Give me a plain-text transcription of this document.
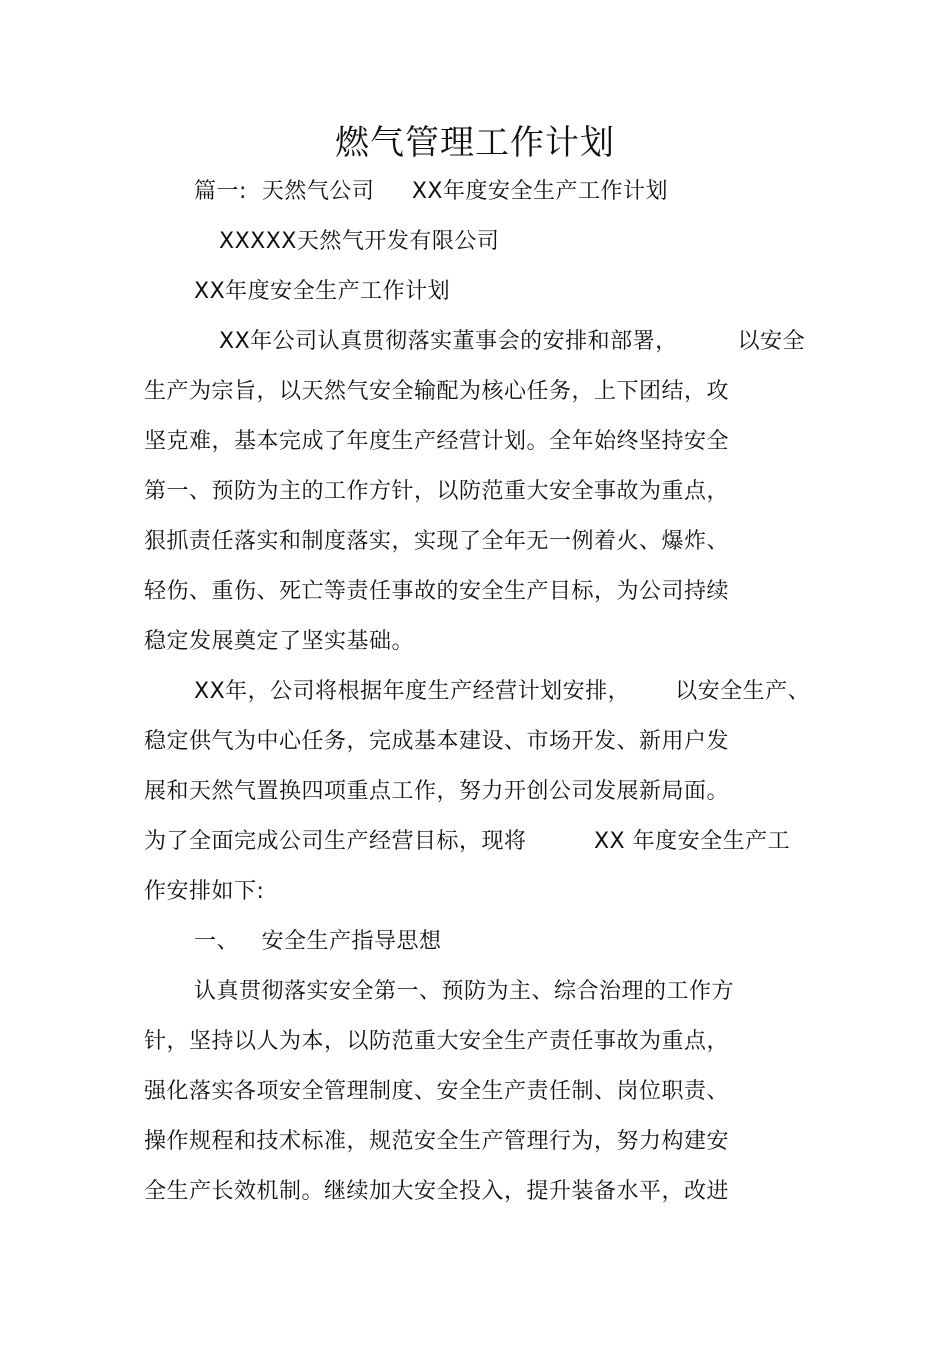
燃气管理工作计划
篇一:  天然气公司     XX年度安全生产工作计划
XXXXX天然气开发有限公司
XX年度安全生产工作计划
XX年公司认真贯彻落实董事会的安排和部署，        以安全
生产为宗旨，以天然气安全输配为核心任务，上下团结，攻
坚克难，基本完成了年度生产经营计划。全年始终坚持安全
第一、预防为主的工作方针，以防范重大安全事故为重点，
狠抓责任落实和制度落实，实现了全年无一例着火、爆炸、
轻伤、重伤、死亡等责任事故的安全生产目标，为公司持续
稳定发展奠定了坚实基础。
XX年，公司将根据年度生产经营计划安排，      以安全生产、
稳定供气为中心任务，完成基本建设、市场开发、新用户发
展和天然气置换四项重点工作，努力开创公司发展新局面。
为了全面完成公司生产经营目标，现将         XX 年度安全生产工
作安排如下:
一、   安全生产指导思想
认真贯彻落实安全第一、预防为主、综合治理的工作方
针，坚持以人为本，以防范重大安全生产责任事故为重点，
强化落实各项安全管理制度、安全生产责任制、岗位职责、
操作规程和技术标准，规范安全生产管理行为，努力构建安
全生产长效机制。继续加大安全投入，提升装备水平，改进
